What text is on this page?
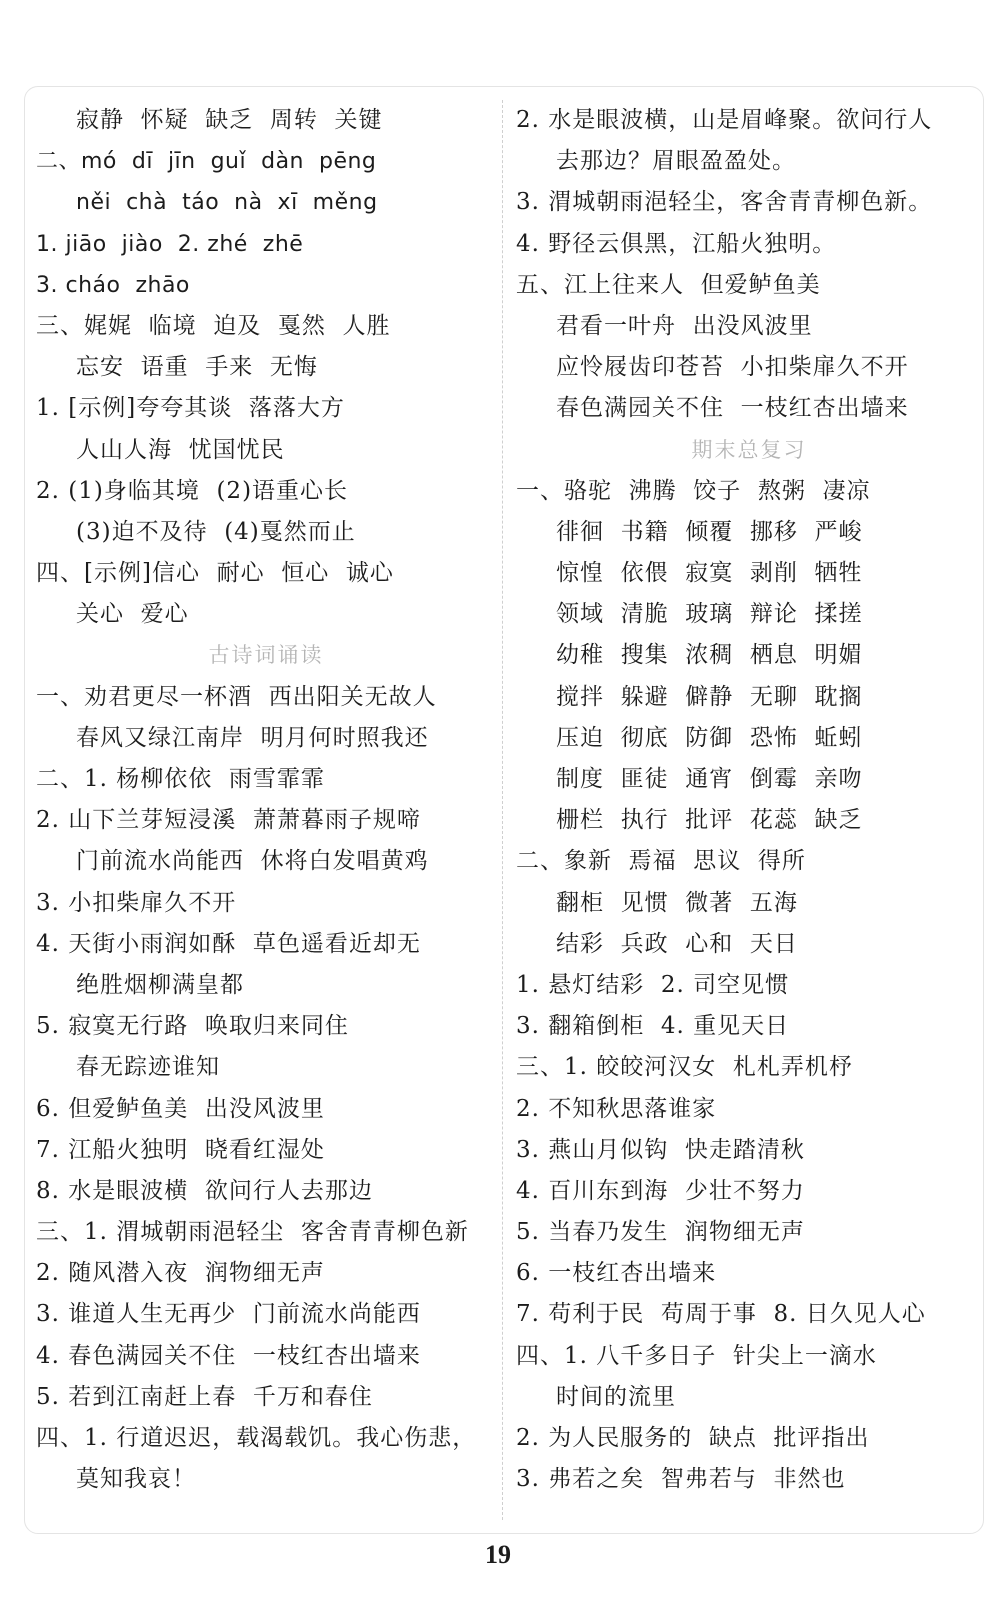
寂静  怀疑  缺乏  周转  关键
二、mó  dī  jīn  guǐ  dàn  pēng
něi  chà  táo  nà  xī  měng
1. jiāo  jiào  2. zhé  zhē
3. cháo  zhāo
三、娓娓  临境  迫及  戛然  人胜
忘安  语重  手来  无悔
1. [示例]夸夸其谈  落落大方
人山人海  忧国忧民
2. (1)身临其境  (2)语重心长
(3)迫不及待  (4)戛然而止
四、[示例]信心  耐心  恒心  诚心
关心  爱心
古诗词诵读
一、劝君更尽一杯酒  西出阳关无故人
春风又绿江南岸  明月何时照我还
二、1. 杨柳依依  雨雪霏霏
2. 山下兰芽短浸溪  萧萧暮雨子规啼
门前流水尚能西  休将白发唱黄鸡
3. 小扣柴扉久不开
4. 天街小雨润如酥  草色遥看近却无
绝胜烟柳满皇都
5. 寂寞无行路  唤取归来同住
春无踪迹谁知
6. 但爱鲈鱼美  出没风波里
7. 江船火独明  晓看红湿处
8. 水是眼波横  欲问行人去那边
三、1. 渭城朝雨浥轻尘  客舍青青柳色新
2. 随风潜入夜  润物细无声
3. 谁道人生无再少  门前流水尚能西
4. 春色满园关不住  一枝红杏出墙来
5. 若到江南赶上春  千万和春住
四、1. 行道迟迟，载渴载饥。我心伤悲，
莫知我哀！
2. 水是眼波横，山是眉峰聚。欲问行人
去那边？眉眼盈盈处。
3. 渭城朝雨浥轻尘，客舍青青柳色新。
4. 野径云俱黑，江船火独明。
五、江上往来人  但爱鲈鱼美
君看一叶舟  出没风波里
应怜屐齿印苍苔  小扣柴扉久不开
春色满园关不住  一枝红杏出墙来
期末总复习
一、骆驼  沸腾  饺子  熬粥  凄凉
徘徊  书籍  倾覆  挪移  严峻
惊惶  依偎  寂寞  剥削  牺牲
领域  清脆  玻璃  辩论  揉搓
幼稚  搜集  浓稠  栖息  明媚
搅拌  躲避  僻静  无聊  耽搁
压迫  彻底  防御  恐怖  蚯蚓
制度  匪徒  通宵  倒霉  亲吻
栅栏  执行  批评  花蕊  缺乏
二、象新  焉福  思议  得所
翻柜  见惯  微著  五海
结彩  兵政  心和  天日
1. 悬灯结彩  2. 司空见惯
3. 翻箱倒柜  4. 重见天日
三、1. 皎皎河汉女  札札弄机杼
2. 不知秋思落谁家
3. 燕山月似钩  快走踏清秋
4. 百川东到海  少壮不努力
5. 当春乃发生  润物细无声
6. 一枝红杏出墙来
7. 苟利于民  苟周于事  8. 日久见人心
四、1. 八千多日子  针尖上一滴水
时间的流里
2. 为人民服务的  缺点  批评指出
3. 弗若之矣  智弗若与  非然也
19
